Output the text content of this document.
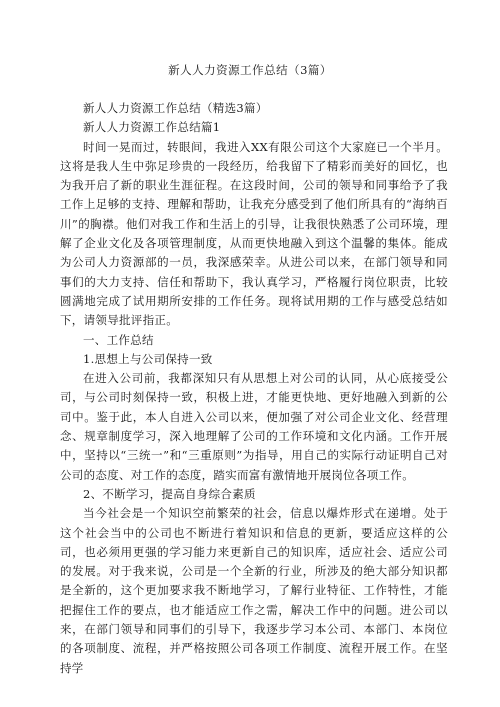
新人人力资源工作总结（3篇）

新人人力资源工作总结（精选3篇）

新人人力资源工作总结篇1

时间一晃而过，转眼间，我进入XX有限公司这个大家庭已一个半月。这将是我人生中弥足珍贵的一段经历，给我留下了精彩而美好的回忆，也为我开启了新的职业生涯征程。在这段时间，公司的领导和同事给予了我工作上足够的支持、理解和帮助，让我充分感受到了他们所具有的“海纳百川”的胸襟。他们对我工作和生活上的引导，让我很快熟悉了公司环境，理解了企业文化及各项管理制度，从而更快地融入到这个温馨的集体。能成为公司人力资源部的一员，我深感荣幸。从进公司以来，在部门领导和同事们的大力支持、信任和帮助下，我认真学习，严格履行岗位职责，比较圆满地完成了试用期所安排的工作任务。现将试用期的工作与感受总结如下，请领导批评指正。

一、工作总结

1.思想上与公司保持一致

在进入公司前，我都深知只有从思想上对公司的认同，从心底接受公司，与公司时刻保持一致，积极上进，才能更快地、更好地融入到新的公司中。鉴于此，本人自进入公司以来，便加强了对公司企业文化、经营理念、规章制度学习，深入地理解了公司的工作环境和文化内涵。工作开展中，坚持以“三统一”和“三重原则”为指导，用自己的实际行动证明自己对公司的态度、对工作的态度，踏实而富有激情地开展岗位各项工作。

2、不断学习，提高自身综合素质

当今社会是一个知识空前繁荣的社会，信息以爆炸形式在递增。处于这个社会当中的公司也不断进行着知识和信息的更新，要适应这样的公司，也必须用更强的学习能力来更新自己的知识库，适应社会、适应公司的发展。对于我来说，公司是一个全新的行业，所涉及的绝大部分知识都是全新的，这个更加要求我不断地学习，了解行业特征、工作特性，才能把握住工作的要点，也才能适应工作之需，解决工作中的问题。进公司以来，在部门领导和同事们的引导下，我逐步学习本公司、本部门、本岗位的各项制度、流程，并严格按照公司各项工作制度、流程开展工作。在坚持学
